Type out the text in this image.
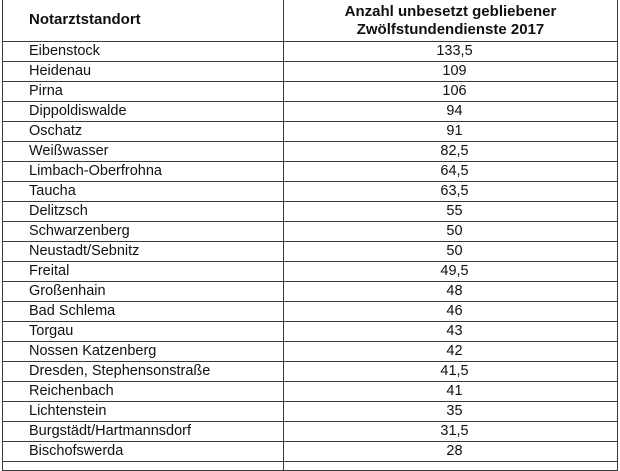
Notarztstandort	Anzahl unbesetzt gebliebener
Zwölfstundendienste 2017

Eibenstock	133,5
Heidenau	109
Pirna	106
Dippoldiswalde	94
Oschatz	91
Weißwasser	82,5
Limbach-Oberfrohna	64,5
Taucha	63,5
Delitzsch	55
Schwarzenberg	50
Neustadt/Sebnitz	50
Freital	49,5
Großenhain	48
Bad Schlema	46
Torgau	43
Nossen Katzenberg	42
Dresden, Stephensonstraße	41,5
Reichenbach	41
Lichtenstein	35
Burgstädt/Hartmannsdorf	31,5
Bischofswerda	28
